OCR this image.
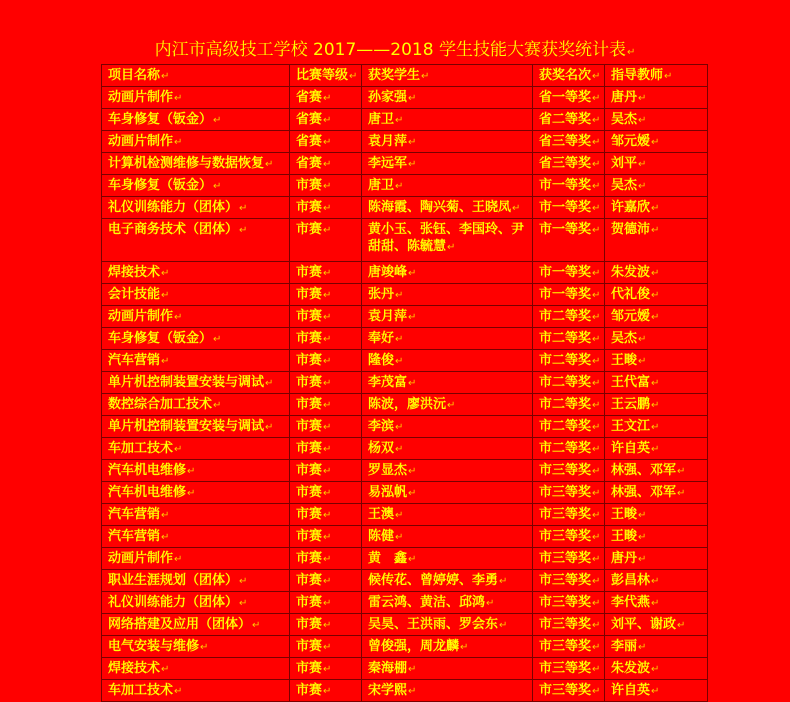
内江市高级技工学校 2017——2018 学生技能大赛获奖统计表↵
项目名称↵	比赛等级↵	获奖学生↵	获奖名次↵	指导教师↵
动画片制作↵	省赛↵	孙家强↵	省一等奖↵	唐丹↵
车身修复（钣金）↵	省赛↵	唐卫↵	省二等奖↵	吴杰↵
动画片制作↵	省赛↵	袁月萍↵	省三等奖↵	邹元嫒↵
计算机检测维修与数据恢复↵	省赛↵	李远军↵	省三等奖↵	刘平↵
车身修复（钣金）↵	市赛↵	唐卫↵	市一等奖↵	吴杰↵
礼仪训练能力（团体）↵	市赛↵	陈海霞、陶兴菊、王晓凤↵	市一等奖↵	许嘉欣↵
电子商务技术（团体）↵	市赛↵	黄小玉、张钰、李国玲、尹甜甜、陈毓慧↵	市一等奖↵	贺德沛↵
焊接技术↵	市赛↵	唐竣峰↵	市一等奖↵	朱发波↵
会计技能↵	市赛↵	张丹↵	市一等奖↵	代礼俊↵
动画片制作↵	市赛↵	袁月萍↵	市二等奖↵	邹元嫒↵
车身修复（钣金）↵	市赛↵	奉好↵	市二等奖↵	吴杰↵
汽车营销↵	市赛↵	隆俊↵	市二等奖↵	王畯↵
单片机控制装置安装与调试↵	市赛↵	李茂富↵	市二等奖↵	王代富↵
数控综合加工技术↵	市赛↵	陈波，廖洪沅↵	市二等奖↵	王云鹏↵
单片机控制装置安装与调试↵	市赛↵	李滨↵	市二等奖↵	王文江↵
车加工技术↵	市赛↵	杨双↵	市二等奖↵	许自英↵
汽车机电维修↵	市赛↵	罗显杰↵	市三等奖↵	林强、邓军↵
汽车机电维修↵	市赛↵	易泓帆↵	市三等奖↵	林强、邓军↵
汽车营销↵	市赛↵	王澳↵	市三等奖↵	王畯↵
汽车营销↵	市赛↵	陈健↵	市三等奖↵	王畯↵
动画片制作↵	市赛↵	黄　鑫↵	市三等奖↵	唐丹↵
职业生涯规划（团体）↵	市赛↵	候传花、曾婷婷、李勇↵	市三等奖↵	彭昌林↵
礼仪训练能力（团体）↵	市赛↵	雷云鸿、黄洁、邱鸿↵	市三等奖↵	李代燕↵
网络搭建及应用（团体）↵	市赛↵	吴昊、王洪雨、罗会东↵	市三等奖↵	刘平、谢政↵
电气安装与维修↵	市赛↵	曾俊强，周龙麟↵	市三等奖↵	李丽↵
焊接技术↵	市赛↵	秦海棚↵	市三等奖↵	朱发波↵
车加工技术↵	市赛↵	宋学熙↵	市三等奖↵	许自英↵
